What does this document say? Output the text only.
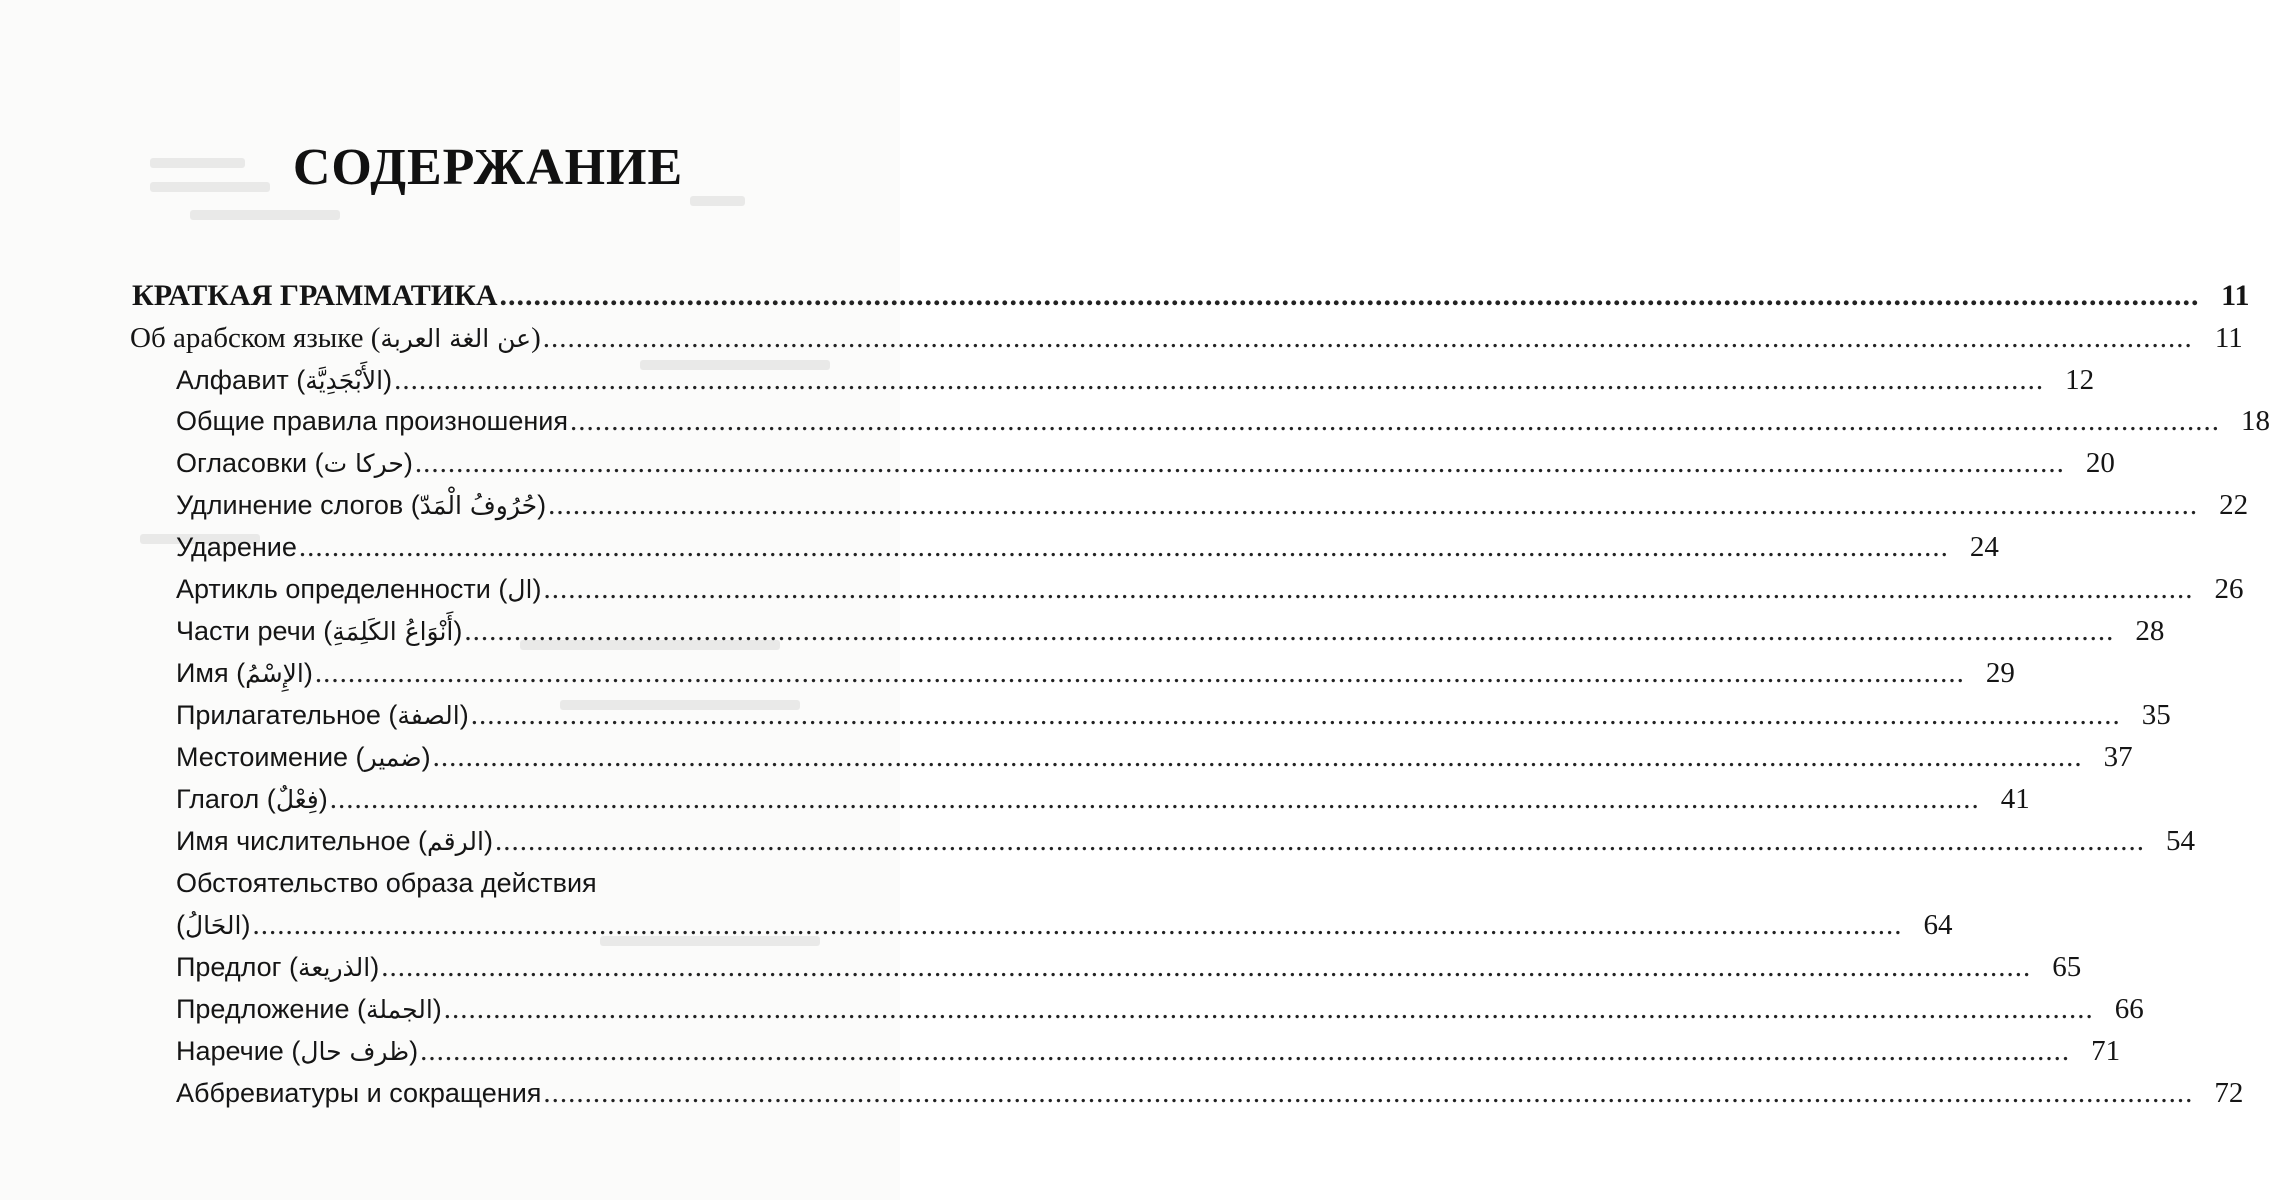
СОДЕРЖАНИЕ
КРАТКАЯ ГРАММАТИКА ........................................................................................................................................................................................................ 11
Об арабском языке (عن الغة العربة) ........................................................................................................................................................................................................ 11
Алфавит (الأَبْجَدِيَّة) ........................................................................................................................................................................................................ 12
Общие правила произношения ........................................................................................................................................................................................................ 18
Огласовки (حركا ت) ........................................................................................................................................................................................................ 20
Удлинение слогов (حُرُوفُ الْمَدّ) ........................................................................................................................................................................................................ 22
Ударение ........................................................................................................................................................................................................ 24
Артикль определенности (ال) ........................................................................................................................................................................................................ 26
Части речи (أَنْوَاعُ الكَلِمَةِ) ........................................................................................................................................................................................................ 28
Имя (الإِسْمُ) ........................................................................................................................................................................................................ 29
Прилагательное (الصفة) ........................................................................................................................................................................................................ 35
Местоимение (ضمير) ........................................................................................................................................................................................................ 37
Глагол (فِعْلٌ) ........................................................................................................................................................................................................ 41
Имя числительное (الرقم) ........................................................................................................................................................................................................ 54
Обстоятельство образа действия
(الحَالُ) ........................................................................................................................................................................................................ 64
Предлог (الذريعة) ........................................................................................................................................................................................................ 65
Предложение (الجملة) ........................................................................................................................................................................................................ 66
Наречие (ظرف حال) ........................................................................................................................................................................................................ 71
Аббревиатуры и сокращения ........................................................................................................................................................................................................ 72
